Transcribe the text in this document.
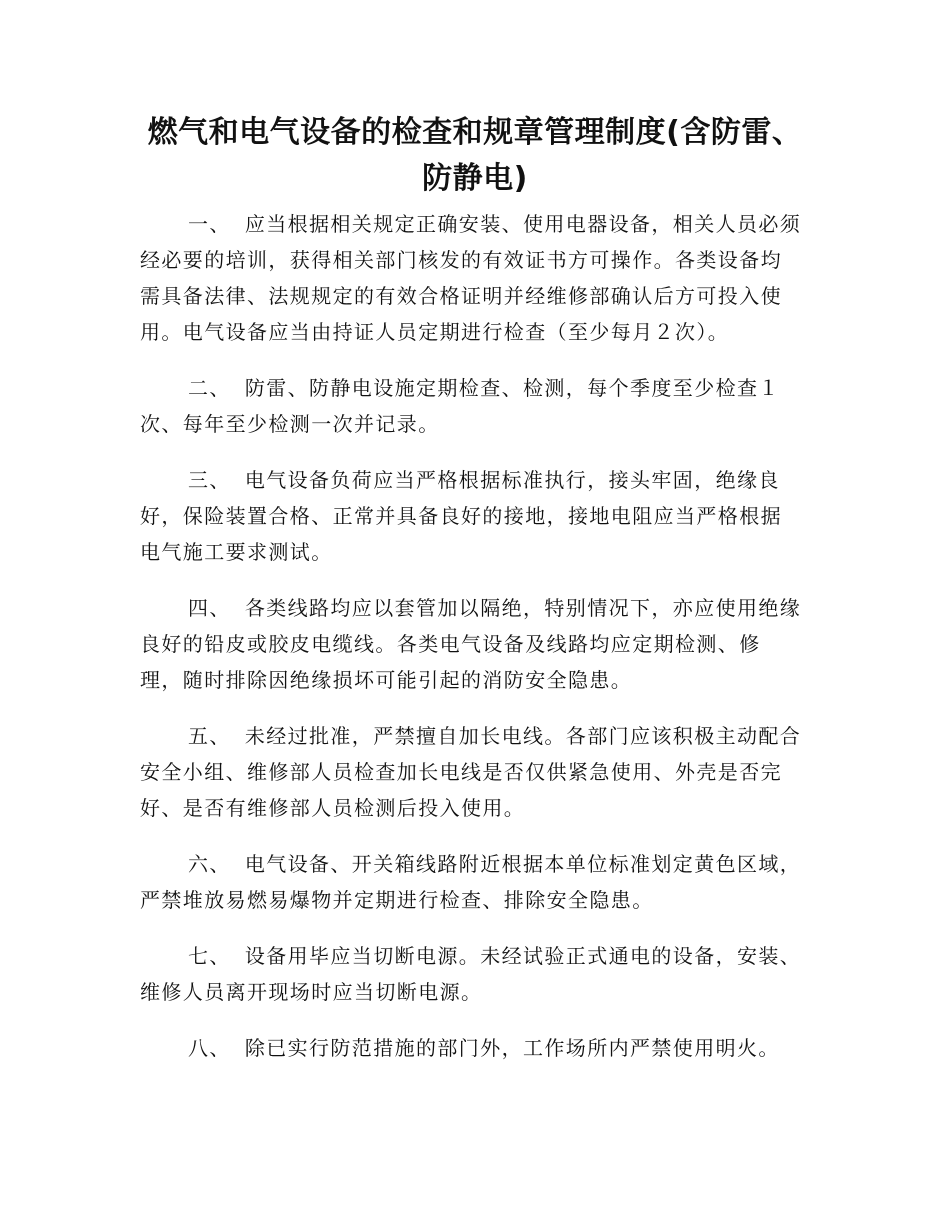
燃气和电气设备的检查和规章管理制度(含防雷、
防静电)

一、 应当根据相关规定正确安装、使用电器设备，相关人员必须
经必要的培训，获得相关部门核发的有效证书方可操作。各类设备均
需具备法律、法规规定的有效合格证明并经维修部确认后方可投入使
用。电气设备应当由持证人员定期进行检查（至少每月２次）。

二、 防雷、防静电设施定期检查、检测，每个季度至少检查１
次、每年至少检测一次并记录。

三、 电气设备负荷应当严格根据标准执行，接头牢固，绝缘良
好，保险装置合格、正常并具备良好的接地，接地电阻应当严格根据
电气施工要求测试。

四、 各类线路均应以套管加以隔绝，特别情况下，亦应使用绝缘
良好的铅皮或胶皮电缆线。各类电气设备及线路均应定期检测、修
理，随时排除因绝缘损坏可能引起的消防安全隐患。

五、 未经过批准，严禁擅自加长电线。各部门应该积极主动配合
安全小组、维修部人员检查加长电线是否仅供紧急使用、外壳是否完
好、是否有维修部人员检测后投入使用。

六、 电气设备、开关箱线路附近根据本单位标准划定黄色区域，
严禁堆放易燃易爆物并定期进行检查、排除安全隐患。

七、 设备用毕应当切断电源。未经试验正式通电的设备，安装、
维修人员离开现场时应当切断电源。

八、 除已实行防范措施的部门外，工作场所内严禁使用明火。
